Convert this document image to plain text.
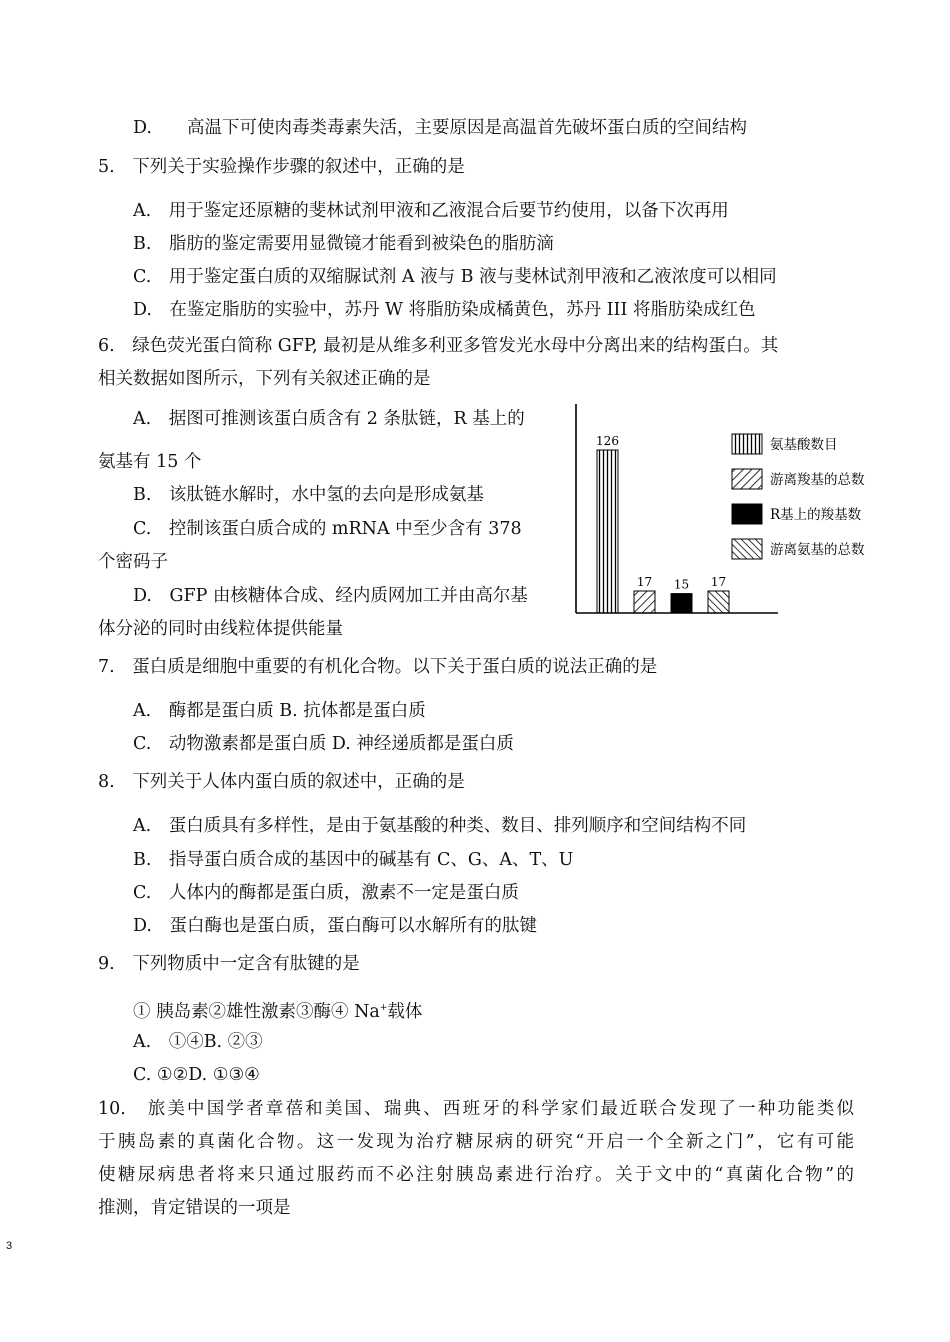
D.　　高温下可使肉毒类毒素失活，主要原因是高温首先破坏蛋白质的空间结构
5.　下列关于实验操作步骤的叙述中，正确的是
A.　用于鉴定还原糖的斐林试剂甲液和乙液混合后要节约使用，以备下次再用
B.　脂肪的鉴定需要用显微镜才能看到被染色的脂肪滴
C.　用于鉴定蛋白质的双缩脲试剂 A 液与 B 液与斐林试剂甲液和乙液浓度可以相同
D.　在鉴定脂肪的实验中，苏丹 W 将脂肪染成橘黄色，苏丹 III 将脂肪染成红色
6.　绿色荧光蛋白简称 GFP, 最初是从维多利亚多管发光水母中分离出来的结构蛋白。其
相关数据如图所示，下列有关叙述正确的是
A.　据图可推测该蛋白质含有 2 条肽链，R 基上的
氨基有 15 个
B.　该肽链水解时，水中氢的去向是形成氨基
C.　控制该蛋白质合成的 mRNA 中至少含有 378
个密码子
D.　GFP 由核糖体合成、经内质网加工并由高尔基
体分泌的同时由线粒体提供能量
126
17 15 17
氨基酸数目
游离羧基的总数
R基上的羧基数
游离氨基的总数
7.　蛋白质是细胞中重要的有机化合物。以下关于蛋白质的说法正确的是
A.　酶都是蛋白质 B. 抗体都是蛋白质
C.　动物激素都是蛋白质 D. 神经递质都是蛋白质
8.　下列关于人体内蛋白质的叙述中，正确的是
A.　蛋白质具有多样性，是由于氨基酸的种类、数目、排列顺序和空间结构不同
B.　指导蛋白质合成的基因中的碱基有 C、G、A、T、U
C.　人体内的酶都是蛋白质，激素不一定是蛋白质
D.　蛋白酶也是蛋白质，蛋白酶可以水解所有的肽键
9.　下列物质中一定含有肽键的是
① 胰岛素②雄性激素③酶④ Na+载体
A.　①④B. ②③
C. ①②D. ①③④
10.　旅美中国学者章蓓和美国、瑞典、西班牙的科学家们最近联合发现了一种功能类似
于胰岛素的真菌化合物。这一发现为治疗糖尿病的研究“开启一个全新之门”，它有可能
使糖尿病患者将来只通过服药而不必注射胰岛素进行治疗。关于文中的“真菌化合物”的
推测，肯定错误的一项是
3
